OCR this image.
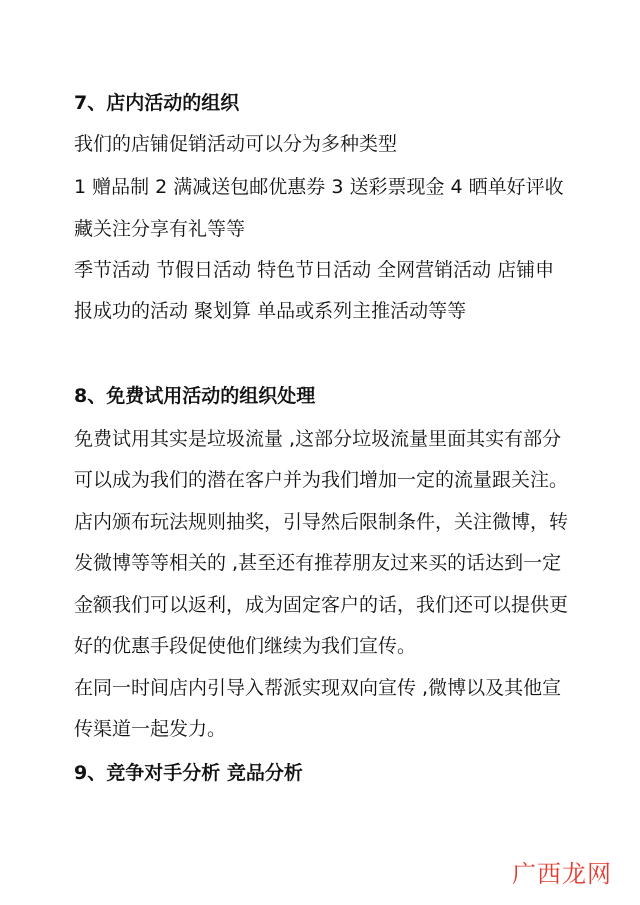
7、店内活动的组织
我们的店铺促销活动可以分为多种类型
1 赠品制 2 满减送包邮优惠券 3 送彩票现金 4 晒单好评收
藏关注分享有礼等等
季节活动 节假日活动 特色节日活动 全网营销活动 店铺申
报成功的活动 聚划算 单品或系列主推活动等等
8、免费试用活动的组织处理
免费试用其实是垃圾流量 ,这部分垃圾流量里面其实有部分
可以成为我们的潜在客户并为我们增加一定的流量跟关注。
店内颁布玩法规则抽奖，引导然后限制条件，关注微博，转
发微博等等相关的 ,甚至还有推荐朋友过来买的话达到一定
金额我们可以返利，成为固定客户的话，我们还可以提供更
好的优惠手段促使他们继续为我们宣传。
在同一时间店内引导入帮派实现双向宣传 ,微博以及其他宣
传渠道一起发力。
9、竞争对手分析 竞品分析
广西龙网
